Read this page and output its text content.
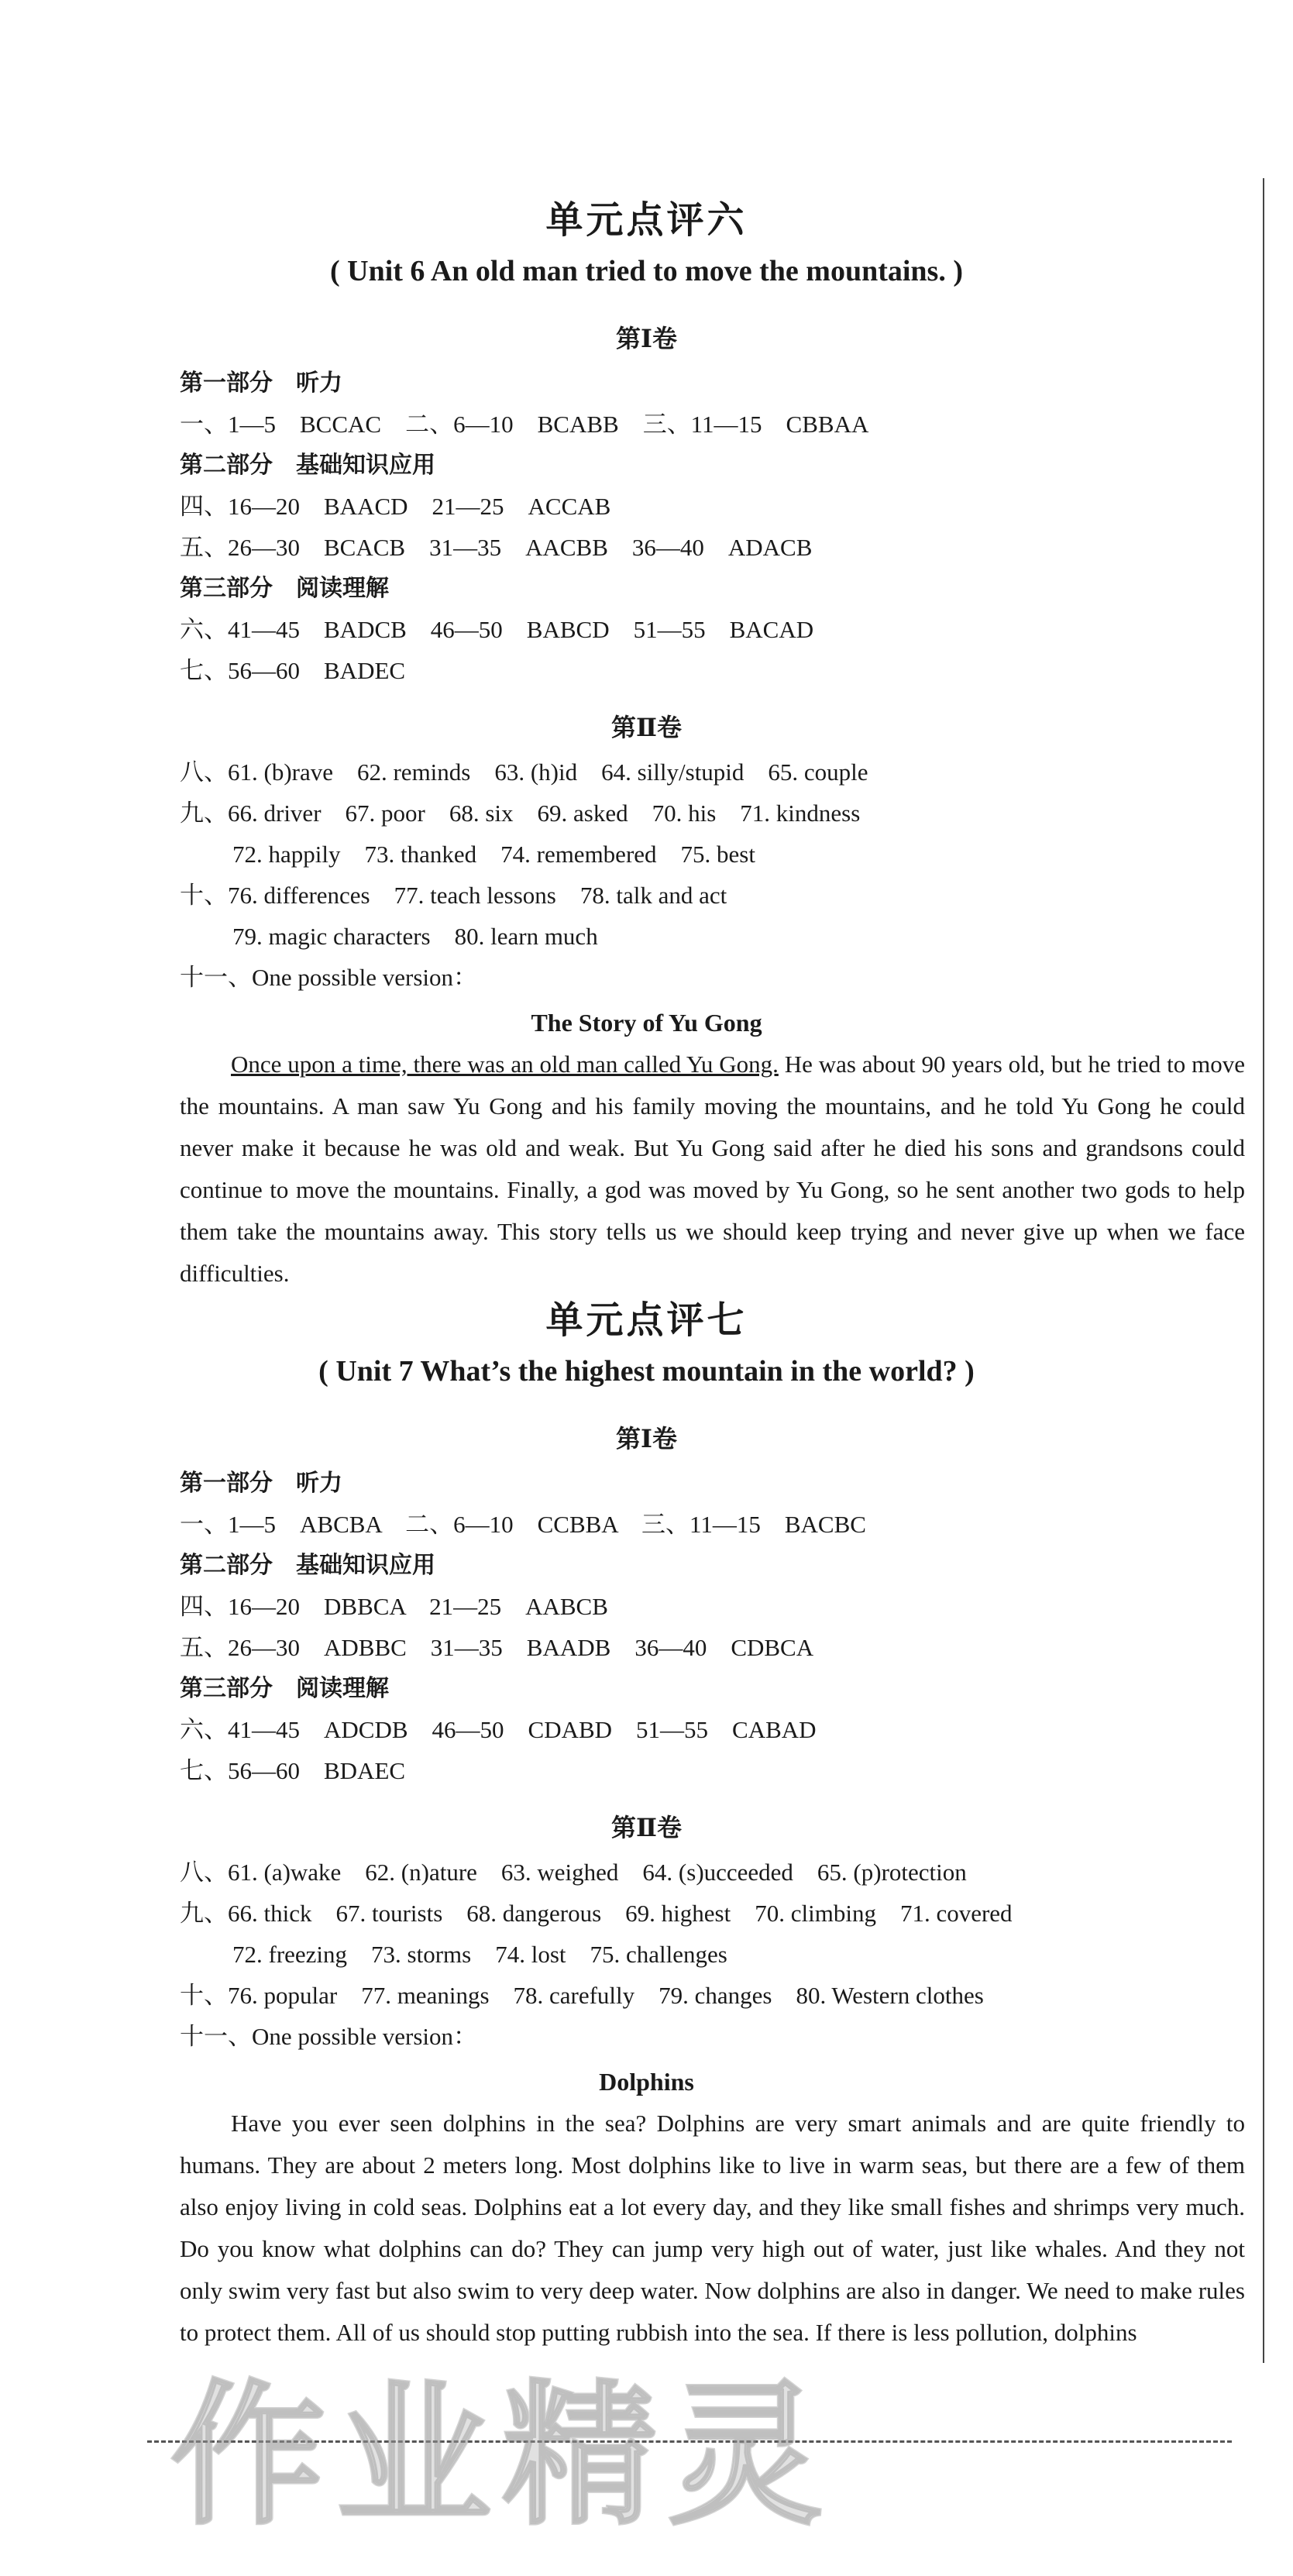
单元点评六
( Unit 6 An old man tried to move the mountains. )
第Ⅰ卷
第一部分　听力
一、1—5　BCCAC　二、6—10　BCABB　三、11—15　CBBAA
第二部分　基础知识应用
四、16—20　BAACD　21—25　ACCAB
五、26—30　BCACB　31—35　AACBB　36—40　ADACB
第三部分　阅读理解
六、41—45　BADCB　46—50　BABCD　51—55　BACAD
七、56—60　BADEC
第Ⅱ卷
八、61. (b)rave　62. reminds　63. (h)id　64. silly/stupid　65. couple
九、66. driver　67. poor　68. six　69. asked　70. his　71. kindness
72. happily　73. thanked　74. remembered　75. best
十、76. differences　77. teach lessons　78. talk and act
79. magic characters　80. learn much
十一、One possible version：
The Story of Yu Gong

Once upon a time, there was an old man called Yu Gong. He was about 90 years old, but he tried to move the mountains. A man saw Yu Gong and his family moving the mountains, and he told Yu Gong he could never make it because he was old and weak. But Yu Gong said after he died his sons and grandsons could continue to move the mountains. Finally, a god was moved by Yu Gong, so he sent another two gods to help them take the mountains away. This story tells us we should keep trying and never give up when we face difficulties.

单元点评七
( Unit 7 What’s the highest mountain in the world? )
第Ⅰ卷
第一部分　听力
一、1—5　ABCBA　二、6—10　CCBBA　三、11—15　BACBC
第二部分　基础知识应用
四、16—20　DBBCA　21—25　AABCB
五、26—30　ADBBC　31—35　BAADB　36—40　CDBCA
第三部分　阅读理解
六、41—45　ADCDB　46—50　CDABD　51—55　CABAD
七、56—60　BDAEC
第Ⅱ卷
八、61. (a)wake　62. (n)ature　63. weighed　64. (s)ucceeded　65. (p)rotection
九、66. thick　67. tourists　68. dangerous　69. highest　70. climbing　71. covered
72. freezing　73. storms　74. lost　75. challenges
十、76. popular　77. meanings　78. carefully　79. changes　80. Western clothes
十一、One possible version：
Dolphins

Have you ever seen dolphins in the sea? Dolphins are very smart animals and are quite friendly to humans. They are about 2 meters long. Most dolphins like to live in warm seas, but there are a few of them also enjoy living in cold seas. Dolphins eat a lot every day, and they like small fishes and shrimps very much. Do you know what dolphins can do? They can jump very high out of water, just like whales. And they not only swim very fast but also swim to very deep water. Now dolphins are also in danger. We need to make rules to protect them. All of us should stop putting rubbish into the sea. If there is less pollution, dolphins

作业精灵
